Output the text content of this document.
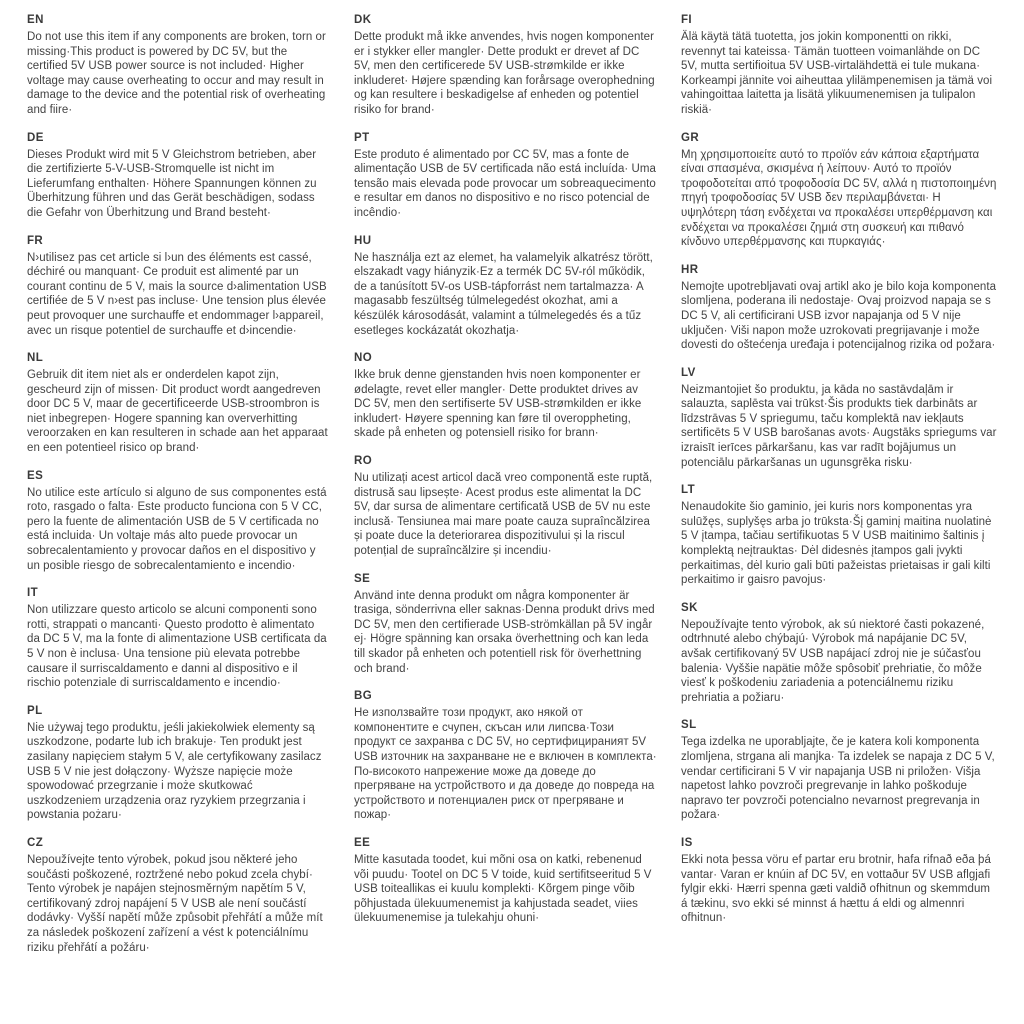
EN

Do not use this item if any components are broken, torn or missing·This product is powered by DC 5V, but the certified 5V USB power source is not included· Higher voltage may cause overheating to occur and may result in damage to the device and the potential risk of overheating and fiire·

DE

Dieses Produkt wird mit 5 V Gleichstrom betrieben, aber die zertifizierte 5-V-USB-Stromquelle ist nicht im Lieferumfang enthalten· Höhere Spannungen können zu Überhitzung führen und das Gerät beschädigen, sodass die Gefahr von Überhitzung und Brand besteht·

FR

N›utilisez pas cet article si l›un des éléments est cassé, déchiré ou manquant· Ce produit est alimenté par un courant continu de 5 V, mais la source d›alimentation USB certifiée de 5 V n›est pas incluse· Une tension plus élevée peut provoquer une surchauffe et endommager l›appareil, avec un risque potentiel de surchauffe et d›incendie·

NL

Gebruik dit item niet als er onderdelen kapot zijn, gescheurd zijn of missen· Dit product wordt aangedreven door DC 5 V, maar de gecertificeerde USB-stroombron is niet inbegrepen· Hogere spanning kan oververhitting veroorzaken en kan resulteren in schade aan het apparaat en een potentieel risico op brand·

ES

No utilice este artículo si alguno de sus componentes está roto, rasgado o falta· Este producto funciona con 5 V CC, pero la fuente de alimentación USB de 5 V certificada no está incluida· Un voltaje más alto puede provocar un sobrecalentamiento y provocar daños en el dispositivo y un posible riesgo de sobrecalentamiento e incendio·

IT

Non utilizzare questo articolo se alcuni componenti sono rotti, strappati o mancanti· Questo prodotto è alimentato da DC 5 V, ma la fonte di alimentazione USB certificata da 5 V non è inclusa· Una tensione più elevata potrebbe causare il surriscaldamento e danni al dispositivo e il rischio potenziale di surriscaldamento e incendio·

PL

Nie używaj tego produktu, jeśli jakiekolwiek elementy są uszkodzone, podarte lub ich brakuje· Ten produkt jest zasilany napięciem stałym 5 V, ale certyfikowany zasilacz USB 5 V nie jest dołączony· Wyższe napięcie może spowodować przegrzanie i może skutkować uszkodzeniem urządzenia oraz ryzykiem przegrzania i powstania pożaru·

CZ

Nepoužívejte tento výrobek, pokud jsou některé jeho součásti poškozené, roztržené nebo pokud zcela chybí· Tento výrobek je napájen stejnosměrným napětím 5 V, certifikovaný zdroj napájení 5 V USB ale není součástí dodávky· Vyšší napětí může způsobit přehřátí a může mít za následek poškození zařízení a vést k potenciálnímu riziku přehřátí a požáru·

DK

Dette produkt må ikke anvendes, hvis nogen komponenter er i stykker eller mangler· Dette produkt er drevet af DC 5V, men den certificerede 5V USB-strømkilde er ikke inkluderet· Højere spænding kan forårsage overophedning og kan resultere i beskadigelse af enheden og potentiel risiko for brand·

PT

Este produto é alimentado por CC 5V, mas a fonte de alimentação USB de 5V certificada não está incluída· Uma tensão mais elevada pode provocar um sobreaquecimento e resultar em danos no dispositivo e no risco potencial de incêndio·

HU

Ne használja ezt az elemet, ha valamelyik alkatrész törött, elszakadt vagy hiányzik·Ez a termék DC 5V-ról működik, de a tanúsított 5V-os USB-tápforrást nem tartalmazza· A magasabb feszültség túlmelegedést okozhat, ami a készülék károsodását, valamint a túlmelegedés és a tűz esetleges kockázatát okozhatja·

NO

Ikke bruk denne gjenstanden hvis noen komponenter er ødelagte, revet eller mangler· Dette produktet drives av DC 5V, men den sertifiserte 5V USB-strømkilden er ikke inkludert· Høyere spenning kan føre til overoppheting, skade på enheten og potensiell risiko for brann·

RO

Nu utilizați acest articol dacă vreo componentă este ruptă, distrusă sau lipsește· Acest produs este alimentat la DC 5V, dar sursa de alimentare certificată USB de 5V nu este inclusă· Tensiunea mai mare poate cauza supraîncălzirea și poate duce la deteriorarea dispozitivului și la riscul potențial de supraîncălzire și incendiu·

SE

Använd inte denna produkt om några komponenter är trasiga, sönderrivna eller saknas·Denna produkt drivs med DC 5V, men den certifierade USB-strömkällan på 5V ingår ej· Högre spänning kan orsaka överhettning och kan leda till skador på enheten och potentiell risk för överhettning och brand·

BG

Не използвайте този продукт, ако някой от компонентите е счупен, скъсан или липсва·Този продукт се захранва с DC 5V, но сертифицираният 5V USB източник на захранване не е включен в комплекта· По-високото напрежение може да доведе до прегряване на устройството и да доведе до повреда на устройството и потенциален риск от прегряване и пожар·

EE

Mitte kasutada toodet, kui mõni osa on katki, rebenenud või puudu· Tootel on DC 5 V toide, kuid sertifitseeritud 5 V USB toiteallikas ei kuulu komplekti· Kõrgem pinge võib põhjustada ülekuumenemist ja kahjustada seadet, viies ülekuumenemise ja tulekahju ohuni·

FI

Älä käytä tätä tuotetta, jos jokin komponentti on rikki, revennyt tai kateissa· Tämän tuotteen voimanlähde on DC 5V, mutta sertifioitua 5V USB-virtalähdettä ei tule mukana· Korkeampi jännite voi aiheuttaa ylilämpenemisen ja tämä voi vahingoittaa laitetta ja lisätä ylikuumenemisen ja tulipalon riskiä·

GR

Μη χρησιμοποιείτε αυτό το προϊόν εάν κάποια εξαρτήματα είναι σπασμένα, σκισμένα ή λείπουν· Αυτό το προϊόν τροφοδοτείται από τροφοδοσία DC 5V, αλλά η πιστοποιημένη πηγή τροφοδοσίας 5V USB δεν περιλαμβάνεται· Η υψηλότερη τάση ενδέχεται να προκαλέσει υπερθέρμανση και ενδέχεται να προκαλέσει ζημιά στη συσκευή και πιθανό κίνδυνο υπερθέρμανσης και πυρκαγιάς·

HR

Nemojte upotrebljavati ovaj artikl ako je bilo koja komponenta slomljena, poderana ili nedostaje· Ovaj proizvod napaja se s DC 5 V, ali certificirani USB izvor napajanja od 5 V nije uključen· Viši napon može uzrokovati pregrijavanje i može dovesti do oštećenja uređaja i potencijalnog rizika od požara·

LV

Neizmantojiet šo produktu, ja kāda no sastāvdaļām ir salauzta, saplēsta vai trūkst·Šis produkts tiek darbināts ar līdzstrāvas 5 V spriegumu, taču komplektā nav iekļauts sertificēts 5 V USB barošanas avots· Augstāks spriegums var izraisīt ierīces pārkaršanu, kas var radīt bojājumus un potenciālu pārkaršanas un ugunsgrēka risku·

LT

Nenaudokite šio gaminio, jei kuris nors komponentas yra sulūžęs, suplyšęs arba jo trūksta·Šį gaminį maitina nuolatinė 5 V įtampa, tačiau sertifikuotas 5 V USB maitinimo šaltinis į komplektą neįtrauktas· Dėl didesnės įtampos gali įvykti perkaitimas, dėl kurio gali būti pažeistas prietaisas ir gali kilti perkaitimo ir gaisro pavojus·

SK

Nepoužívajte tento výrobok, ak sú niektoré časti pokazené, odtrhnuté alebo chýbajú· Výrobok má napájanie DC 5V, avšak certifikovaný 5V USB napájací zdroj nie je súčasťou balenia· Vyššie napätie môže spôsobiť prehriatie, čo môže viesť k poškodeniu zariadenia a potenciálnemu riziku prehriatia a požiaru·

SL

Tega izdelka ne uporabljajte, če je katera koli komponenta zlomljena, strgana ali manjka· Ta izdelek se napaja z DC 5 V, vendar certificirani 5 V vir napajanja USB ni priložen· Višja napetost lahko povzroči pregrevanje in lahko poškoduje napravo ter povzroči potencialno nevarnost pregrevanja in požara·

IS

Ekki nota þessa vöru ef partar eru brotnir, hafa rifnað eða þá vantar· Varan er knúin af DC 5V, en vottaður 5V USB aflgjafi fylgir ekki· Hærri spenna gæti valdið ofhitnun og skemmdum á tækinu, svo ekki sé minnst á hættu á eldi og almennri ofhitnun·
